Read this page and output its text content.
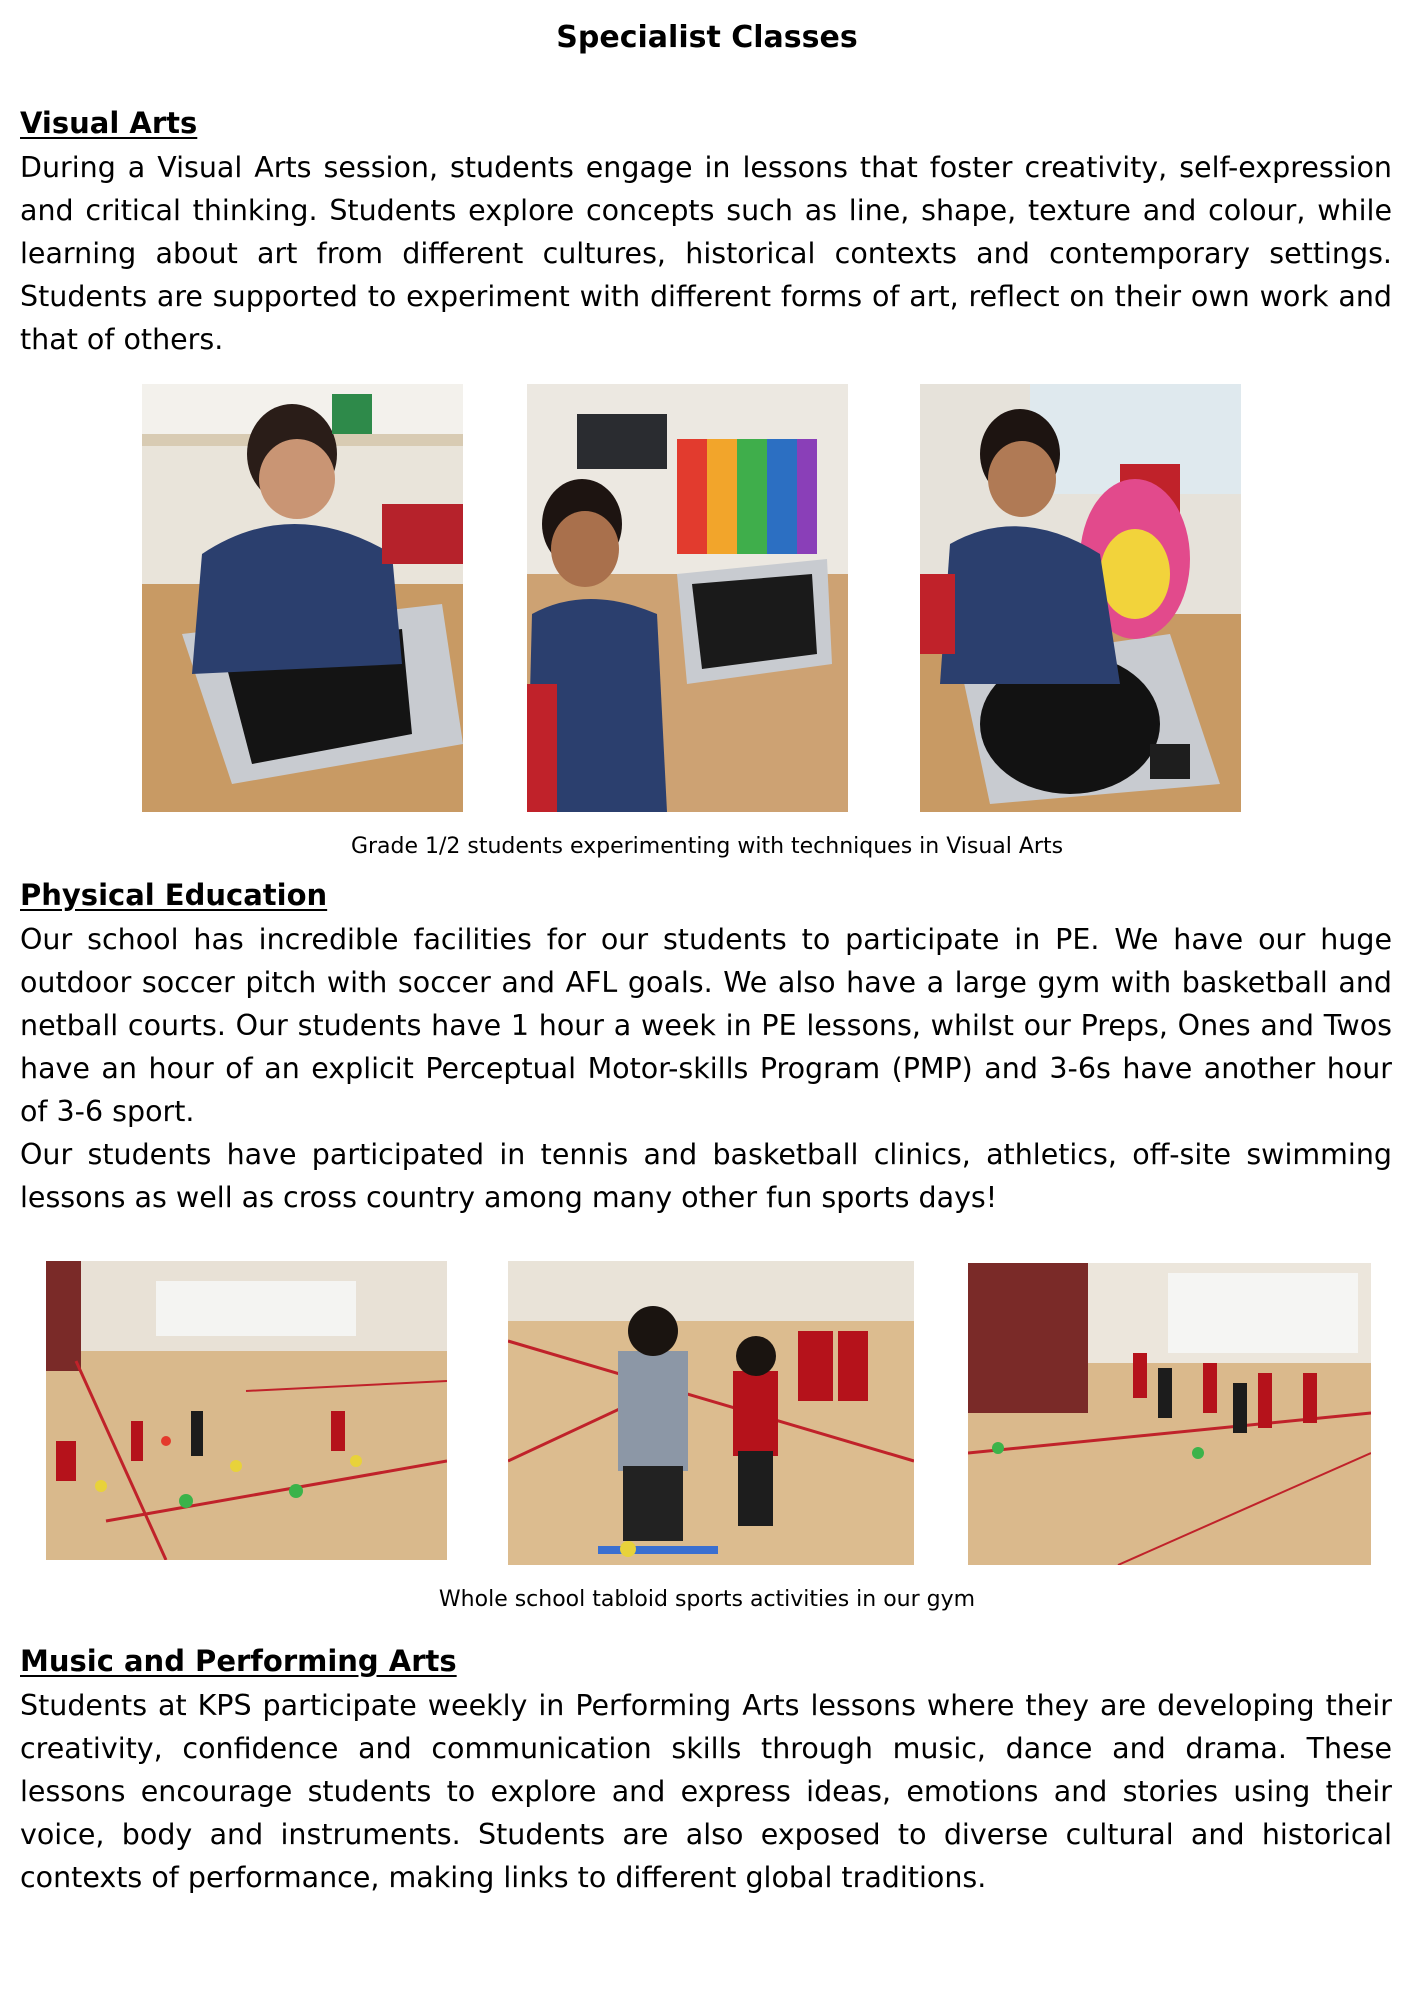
Specialist Classes
Visual Arts

During a Visual Arts session, students engage in lessons that foster creativity, self-expression and critical thinking. Students explore concepts such as line, shape, texture and colour, while learning about art from different cultures, historical contexts and contemporary settings. Students are supported to experiment with different forms of art, reflect on their own work and that of others.

Grade 1/2 students experimenting with techniques in Visual Arts
Physical Education

Our school has incredible facilities for our students to participate in PE. We have our huge outdoor soccer pitch with soccer and AFL goals. We also have a large gym with basketball and netball courts. Our students have 1 hour a week in PE lessons, whilst our Preps, Ones and Twos have an hour of an explicit Perceptual Motor-skills Program (PMP) and 3-6s have another hour of 3-6 sport.

Our students have participated in tennis and basketball clinics, athletics, off-site swimming lessons as well as cross country among many other fun sports days!

Whole school tabloid sports activities in our gym
Music and Performing Arts

Students at KPS participate weekly in Performing Arts lessons where they are developing their creativity, confidence and communication skills through music, dance and drama. These lessons encourage students to explore and express ideas, emotions and stories using their voice, body and instruments. Students are also exposed to diverse cultural and historical contexts of performance, making links to different global traditions.
